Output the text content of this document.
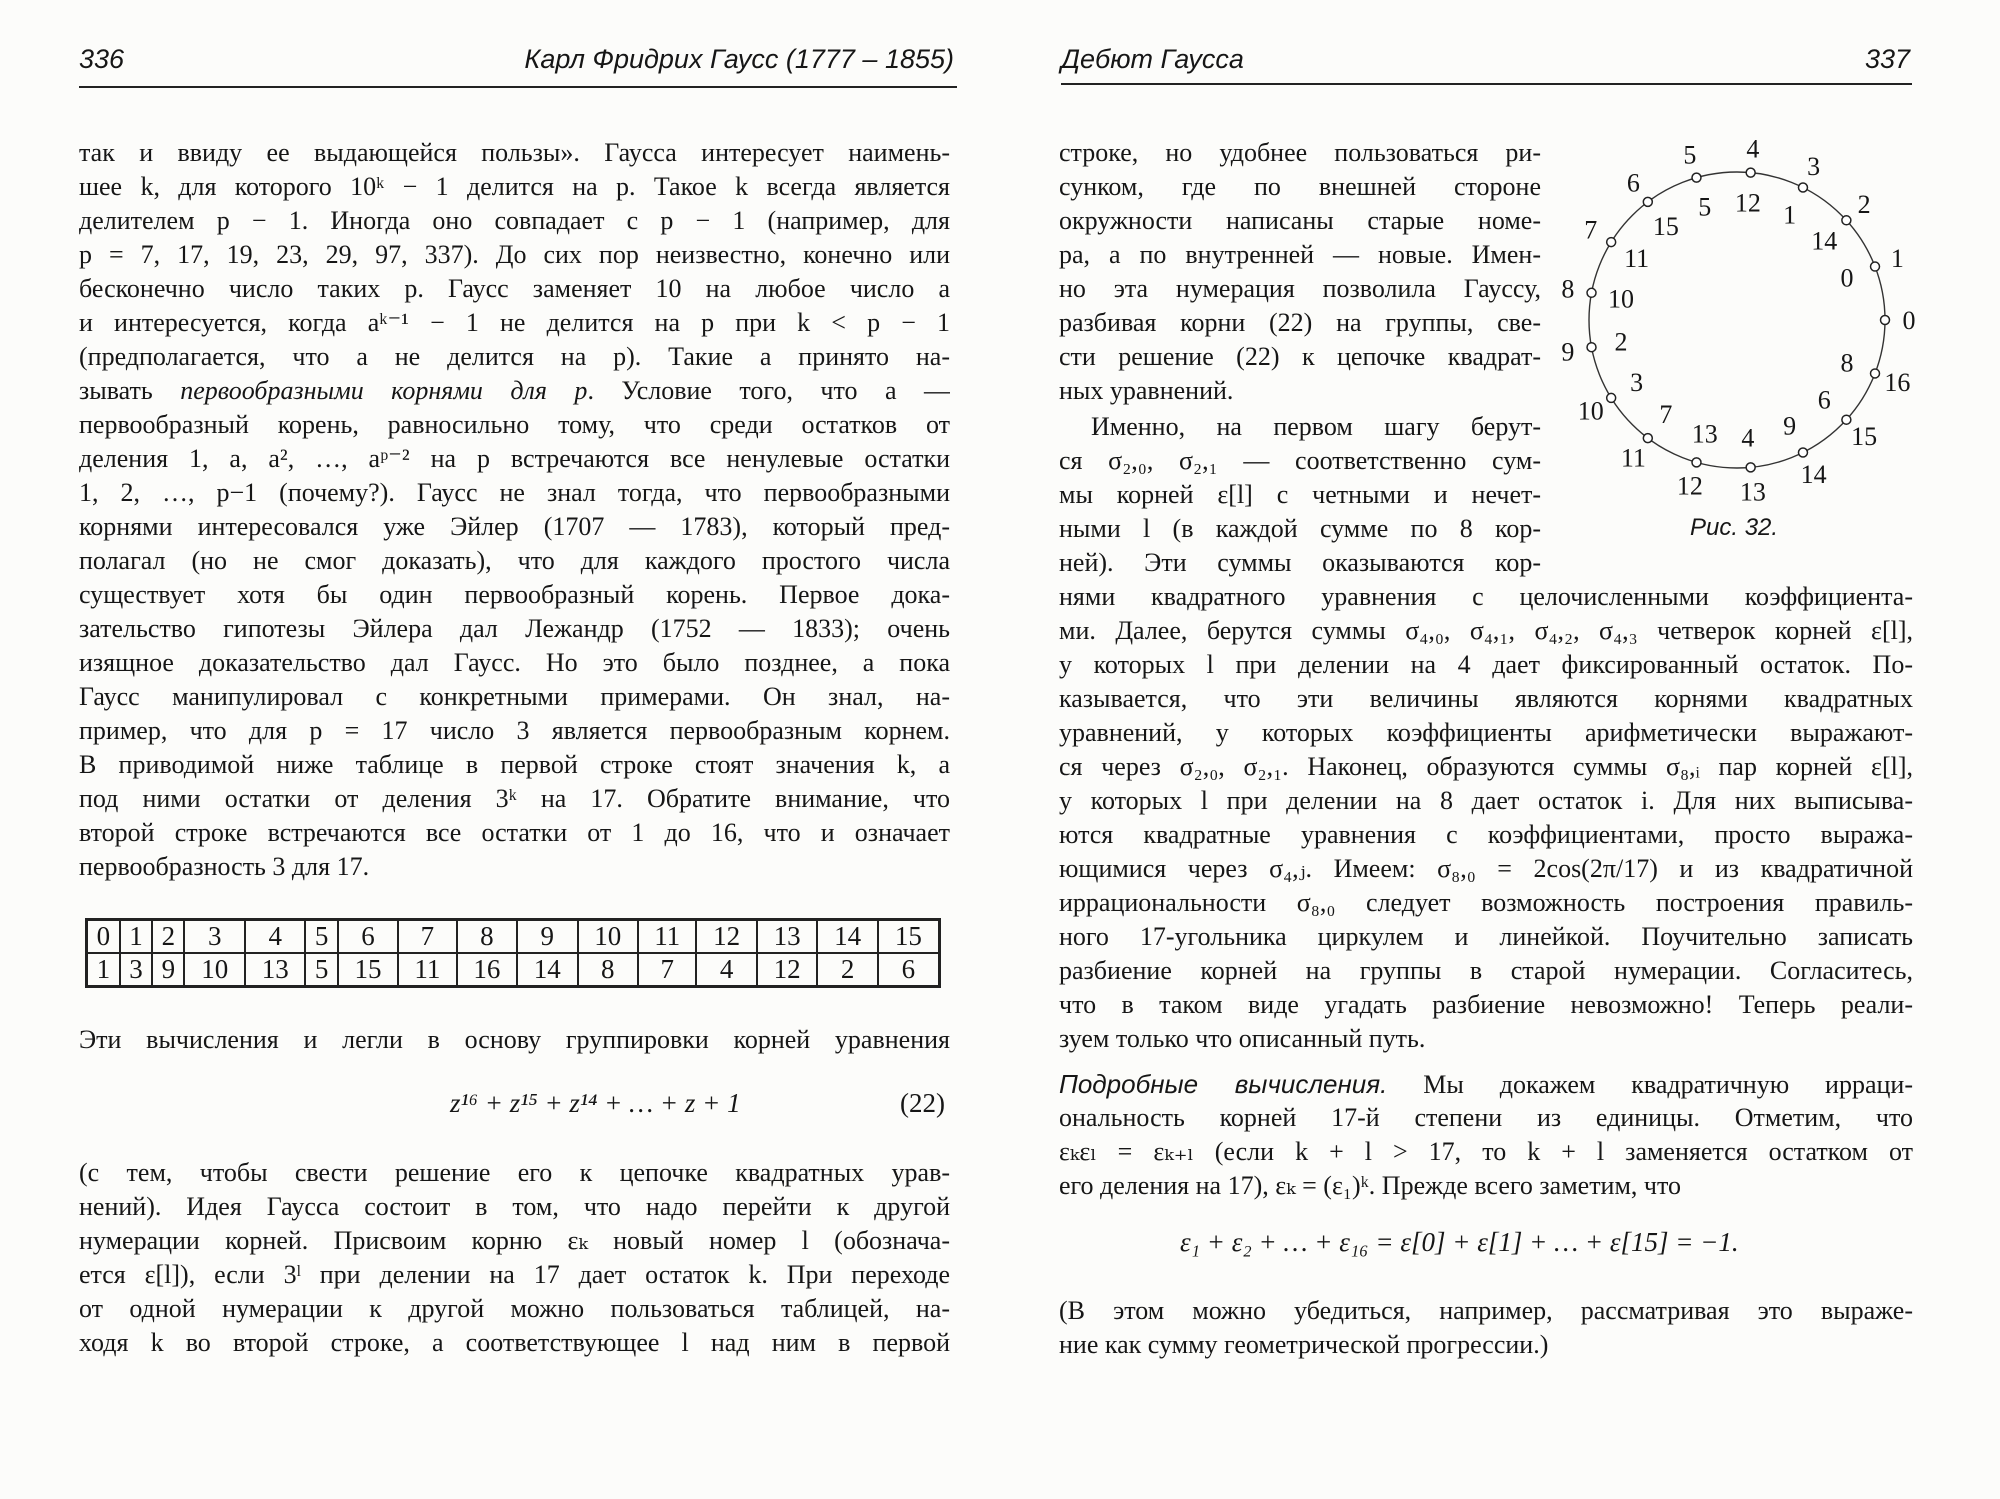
336	Карл Фридрих Гаусс (1777 – 1855)
так и ввиду ее выдающейся пользы». Гаусса интересует наимень-
шее k, для которого 10ᵏ − 1 делится на p. Такое k всегда является
делителем p − 1. Иногда оно совпадает с p − 1 (например, для
p = 7, 17, 19, 23, 29, 97, 337). До сих пор неизвестно, конечно или
бесконечно число таких p. Гаусс заменяет 10 на любое число a
и интересуется, когда aᵏ⁻¹ − 1 не делится на p при k < p − 1
(предполагается, что a не делится на p). Такие a принято на-
зывать первообразными корнями для p. Условие того, что a —
первообразный корень, равносильно тому, что среди остатков от
деления 1, a, a², …, aᵖ⁻² на p встречаются все ненулевые остатки
1, 2, …, p−1 (почему?). Гаусс не знал тогда, что первообразными
корнями интересовался уже Эйлер (1707 — 1783), который пред-
полагал (но не смог доказать), что для каждого простого числа
существует хотя бы один первообразный корень. Первое дока-
зательство гипотезы Эйлера дал Лежандр (1752 — 1833); очень
изящное доказательство дал Гаусс. Но это было позднее, а пока
Гаусс манипулировал с конкретными примерами. Он знал, на-
пример, что для p = 17 число 3 является первообразным корнем.
В приводимой ниже таблице в первой строке стоят значения k, а
под ними остатки от деления 3ᵏ на 17. Обратите внимание, что
второй строке встречаются все остатки от 1 до 16, что и означает
первообразность 3 для 17.
0	1	2	3	4	5	6	7	8	9	10	11	12	13	14	15
1	3	9	10	13	5	15	11	16	14	8	7	4	12	2	6
Эти вычисления и легли в основу группировки корней уравнения
z¹⁶ + z¹⁵ + z¹⁴ + … + z + 1	(22)
(с тем, чтобы свести решение его к цепочке квадратных урав-
нений). Идея Гаусса состоит в том, что надо перейти к другой
нумерации корней. Присвоим корню εₖ новый номер l (обознача-
ется ε[l]), если 3ˡ при делении на 17 дает остаток k. При переходе
от одной нумерации к другой можно пользоваться таблицей, на-
ходя k во второй строке, а соответствующее l над ним в первой
Дебют Гаусса	337
строке, но удобнее пользоваться ри-
сунком, где по внешней стороне
окружности написаны старые номе-
ра, а по внутренней — новые. Имен-
но эта нумерация позволила Гауссу,
разбивая корни (22) на группы, све-
сти решение (22) к цепочке квадрат-
ных уравнений.
Именно, на первом шагу берут-
ся σ₂,₀, σ₂,₁ — соответственно сум-
мы корней ε[l] с четными и нечет-
ными l (в каждой сумме по 8 кор-
ней). Эти суммы оказываются кор-
нями квадратного уравнения с целочисленными коэффициента-
ми. Далее, берутся суммы σ₄,₀, σ₄,₁, σ₄,₂, σ₄,₃ четверок корней ε[l],
у которых l при делении на 4 дает фиксированный остаток. По-
казывается, что эти величины являются корнями квадратных
уравнений, у которых коэффициенты арифметически выражают-
ся через σ₂,₀, σ₂,₁. Наконец, образуются суммы σ₈,ᵢ пар корней ε[l],
у которых l при делении на 8 дает остаток i. Для них выписыва-
ются квадратные уравнения с коэффициентами, просто выража-
ющимися через σ₄,ⱼ. Имеем: σ₈,₀ = 2cos(2π/17) и из квадратичной
иррациональности σ₈,₀ следует возможность построения правиль-
ного 17-угольника циркулем и линейкой. Поучительно записать
разбиение корней на группы в старой нумерации. Согласитесь,
что в таком виде угадать разбиение невозможно! Теперь реали-
зуем только что описанный путь.
Подробные вычисления. Мы докажем квадратичную ирраци-
ональность корней 17-й степени из единицы. Отметим, что
εₖεₗ = εₖ₊ₗ (если k + l > 17, то k + l заменяется остатком от
его деления на 17), εₖ = (ε₁)ᵏ. Прежде всего заметим, что
ε₁ + ε₂ + … + ε₁₆ = ε[0] + ε[1] + … + ε[15] = −1.
(В этом можно убедиться, например, рассматривая это выраже-
ние как сумму геометрической прогрессии.)
0
1
0
2
14
3
1
4
12
5
5
6
15
7
11
8 10
9 2
10
3
11
7
12
13
13
4
14
9 15
6
16
8
Рис. 32.
